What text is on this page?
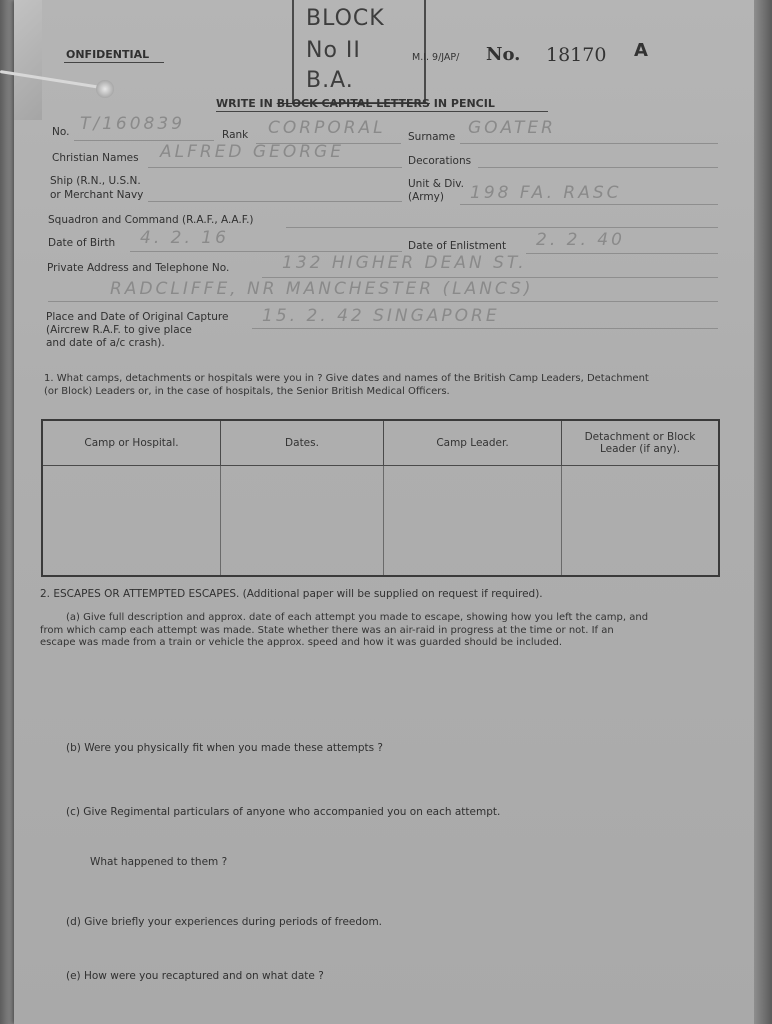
ONFIDENTIAL
BLOCK
No II
B.A.
M.I. 9/JAP/ No. 18170 A
WRITE IN BLOCK CAPITAL LETTERS IN PENCIL
No. T/160839
Rank CORPORAL Surname GOATER
Christian Names ALFRED GEORGE	Decorations
Ship (R.N., U.S.N.
or Merchant Navy
Unit & Div.
(Army) 198 FA. RASC
Squadron and Command (R.A.F., A.A.F.)
Date of Birth 4. 2. 16	Date of Enlistment 2. 2. 40
Private Address and Telephone No.	132 HIGHER DEAN ST.
RADCLIFFE, NR MANCHESTER (LANCS)
Place and Date of Original Capture
(Aircrew R.A.F. to give place
and date of a/c crash).
15. 2. 42 SINGAPORE
1. What camps, detachments or hospitals were you in ? Give dates and names of the British Camp Leaders, Detachment
(or Block) Leaders or, in the case of hospitals, the Senior British Medical Officers.
Camp or Hospital.	Dates.	Camp Leader.	Detachment or Block Leader (if any).

2. ESCAPES OR ATTEMPTED ESCAPES. (Additional paper will be supplied on request if required).
(a) Give full description and approx. date of each attempt you made to escape, showing how you left the camp, and
from which camp each attempt was made. State whether there was an air-raid in progress at the time or not. If an
escape was made from a train or vehicle the approx. speed and how it was guarded should be included.
(b) Were you physically fit when you made these attempts ?
(c) Give Regimental particulars of anyone who accompanied you on each attempt.
What happened to them ?
(d) Give briefly your experiences during periods of freedom.
(e) How were you recaptured and on what date ?
